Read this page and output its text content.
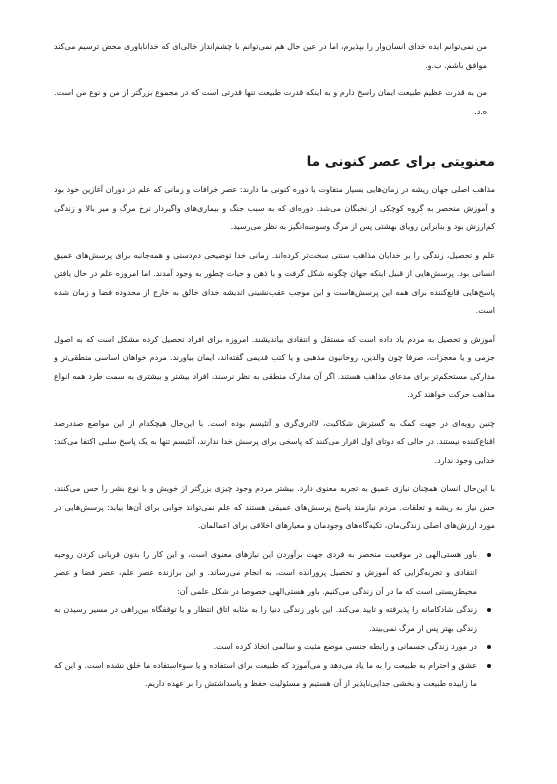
من نمی‌توانم ایده خدای انسان‌وار را بپذیرم، اما در عین حال هم نمی‌توانم با چشم‌انداز خالی‌ای که خداناباوری محض ترسیم می‌کند موافق باشم. ب.و.

من به قدرت عظیم طبیعت ایمان راسخ دارم و به اینکه قدرت طبیعت تنها قدرتی است که در مجموع بزرگتر از من و نوع من است. ه.د.

معنویتی برای عصر کنونی ما

مذاهب اصلی جهان ریشه در زمان‌هایی بسیار متفاوت با دوره کنونی ما دارند: عصر خرافات و زمانی که علم در دوران آغازین خود بود و آموزش منحصر به گروه کوچکی از نخبگان می‌شد. دوره‌ای که به سبب جنگ و بیماری‌های واگیردار نرخ مرگ و میر بالا و زندگی کم‌ارزش بود و بنابراین رویای بهشتی پس از مرگ وسوسه‌انگیز به نظر می‌رسید.

علم و تحصیل، زندگی را بر خدایان مذاهب سنتی سخت‌تر کرده‌اند. زمانی خدا توضیحی دم‌دستی و همه‌جانبه برای پرسش‌های عمیق انسانی بود. پرسش‌هایی از قبیل اینکه جهان چگونه شکل گرفت و یا ذهن و حیات چطور به وجود آمدند. اما امروزه علم در حال یافتن پاسخ‌هایی قانع‌کننده برای همه این پرسش‌هاست و این موجب عقب‌نشینی اندیشه خدای خالق به خارج از محدوده فضا و زمان شده است.

آموزش و تحصیل به مردم یاد داده است که مستقل و انتقادی بیاندیشند. امروزه برای افراد تحصیل کرده مشکل است که به اصول جزمی و یا معجزات، صرفا چون والدین، روحانیون مذهبی و یا کتب قدیمی گفته‌اند، ایمان بیاورند. مردم خواهان اساسی منطقی‌تر و مدارکی مستحکم‌تر برای مدعای مذاهب هستند. اگر آن مدارک منطقی به نظر نرسند، افراد بیشتر و بیشتری به سمت طرد همه انواع مذاهب حرکت خواهند کرد.

چنین رویه‌ای در جهت کمک به گسترش شکاکیت، لاادری‌گری و آتئیسم بوده است. با این‌حال هیچکدام از این مواضع صددرصد اقناع‌کننده نیستند. در حالی که دوتای اول اقرار می‌کنند که پاسخی برای پرسش خدا ندارند، آتئیسم تنها به یک پاسخ سلبی اکتفا می‌کند: خدایی وجود ندارد.

با این‌حال انسان همچنان نیازی عمیق به تجربه معنوی دارد. بیشتر مردم وجود چیزی بزرگتر از خویش و یا نوع بشر را حس می‌کنند، حس نیاز به ریشه و تعلقات. مردم نیازمند پاسخ پرسش‌های عمیقی هستند که علم نمی‌تواند جوابی برای آن‌ها بیابد: پرسش‌هایی در مورد ارزش‌های اصلی زندگی‌مان، تکیه‌گاه‌های وجودمان و معیارهای اخلاقی برای اعمالمان.

باور هستی‌الهی در موقعیت منحصر به فردی جهت برآوردن این نیازهای معنوی است، و این کار را بدون قربانی کردن روحیه انتقادی و تجربه‌گرایی که آموزش و تحصیل پرورانده است، به انجام می‌رساند. و این برازنده عصر علم، عصر فضا و عصر محیط‌زیستی است که ما در آن زندگی می‌کنیم. باور هستی‌الهی خصوصا در شکل علمی آن:
زندگی شادکامانه را پذیرفته و تایید می‌کند. این باور زندگی دنیا را به مثابه اتاق انتظار و یا توقفگاه بین‌راهی در مسیر رسیدن به زندگی بهتر پس از مرگ نمی‌بیند.
در مورد زندگی جسمانی و رابطه جنسی موضع مثبت و سالمی اتخاذ کرده است.
عشق و احترام به طبیعت را به ما یاد می‌دهد و می‌آموزد که طبیعت برای استفاده و یا سوءاستفاده ما خلق نشده است. و این که ما زاییده طبیعت و بخشی جدایی‌ناپذیر از آن هستیم و مسئولیت حفظ و پاسداشتش را بر عهده داریم.
